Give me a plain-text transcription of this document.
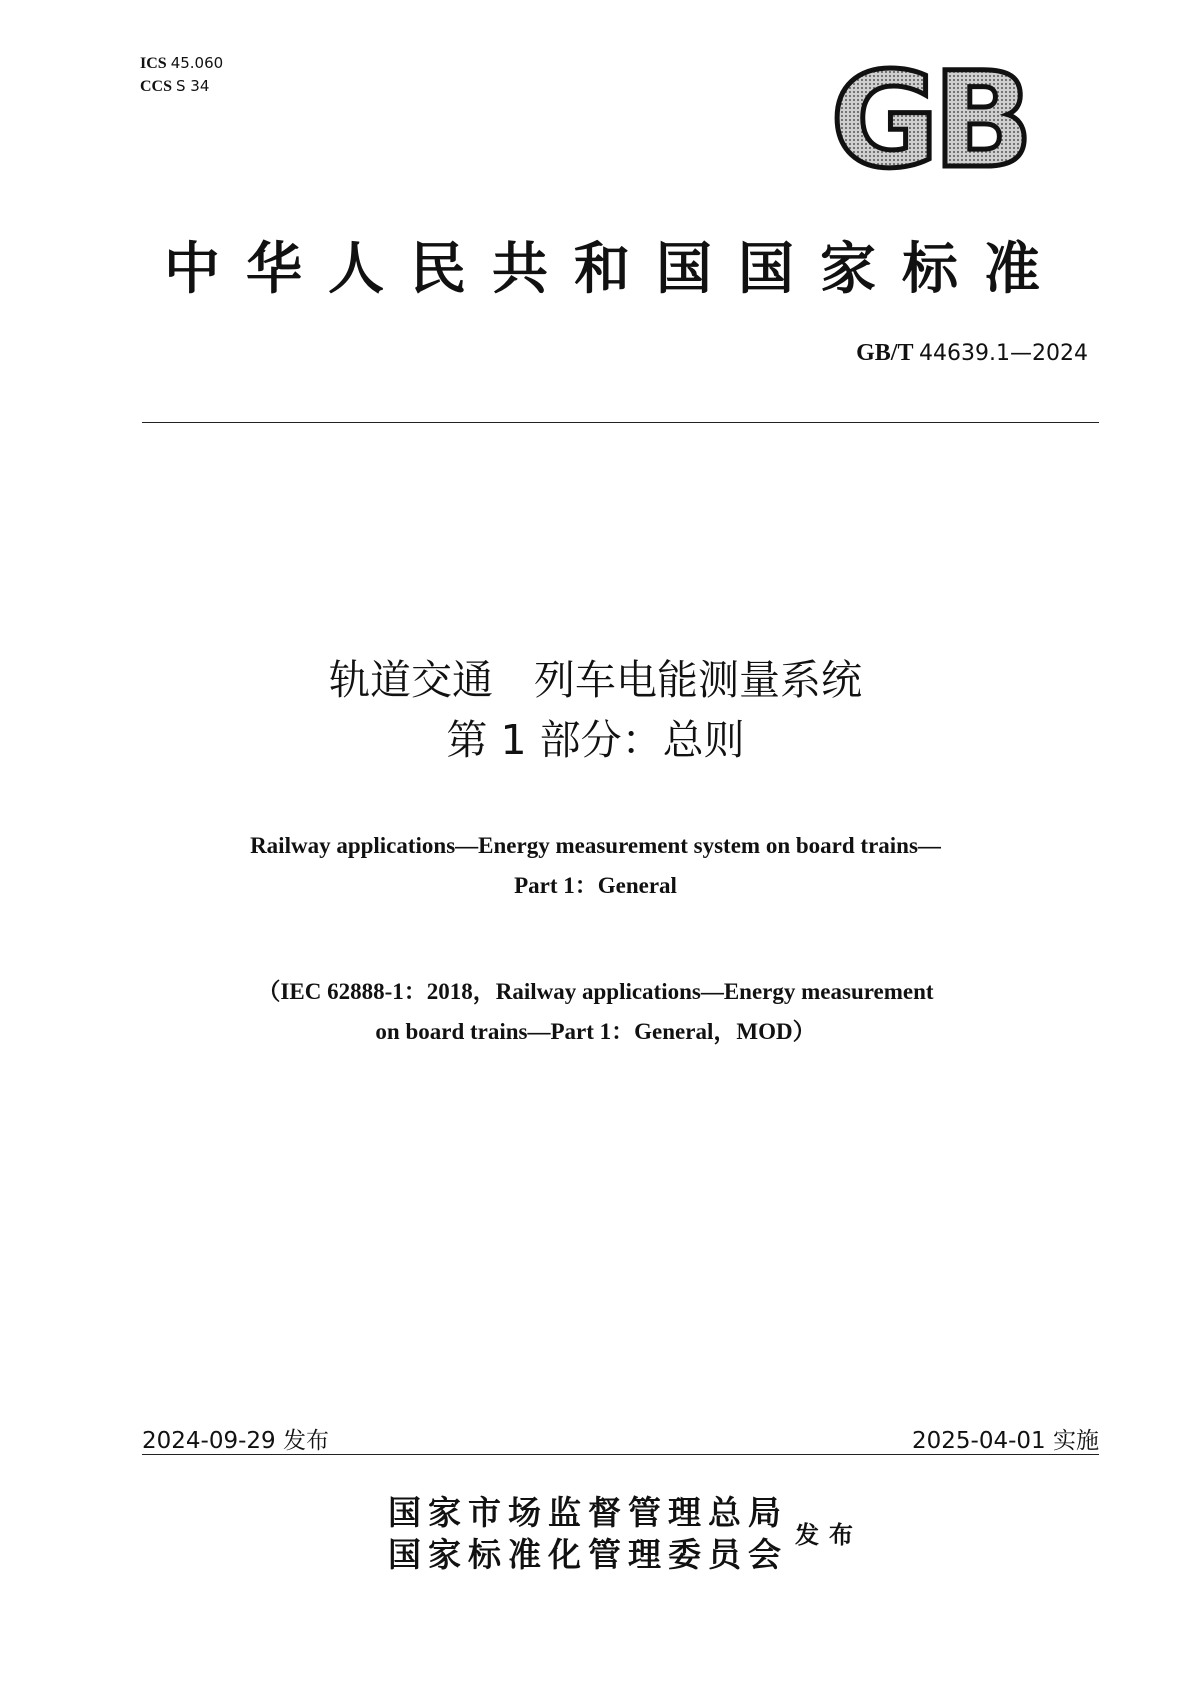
ICS 45.060
CCS S 34	GB
中华人民共和国国家标准
GB/T 44639.1—2024
轨道交通　列车电能测量系统
第 1 部分：总则
Railway applications—Energy measurement system on board trains—
Part 1：General
（IEC 62888-1：2018，Railway applications—Energy measurement
on board trains—Part 1：General，MOD）
2024-09-29 发布	2025-04-01 实施
国家市场监督管理总局
国家标准化管理委员会
发布
